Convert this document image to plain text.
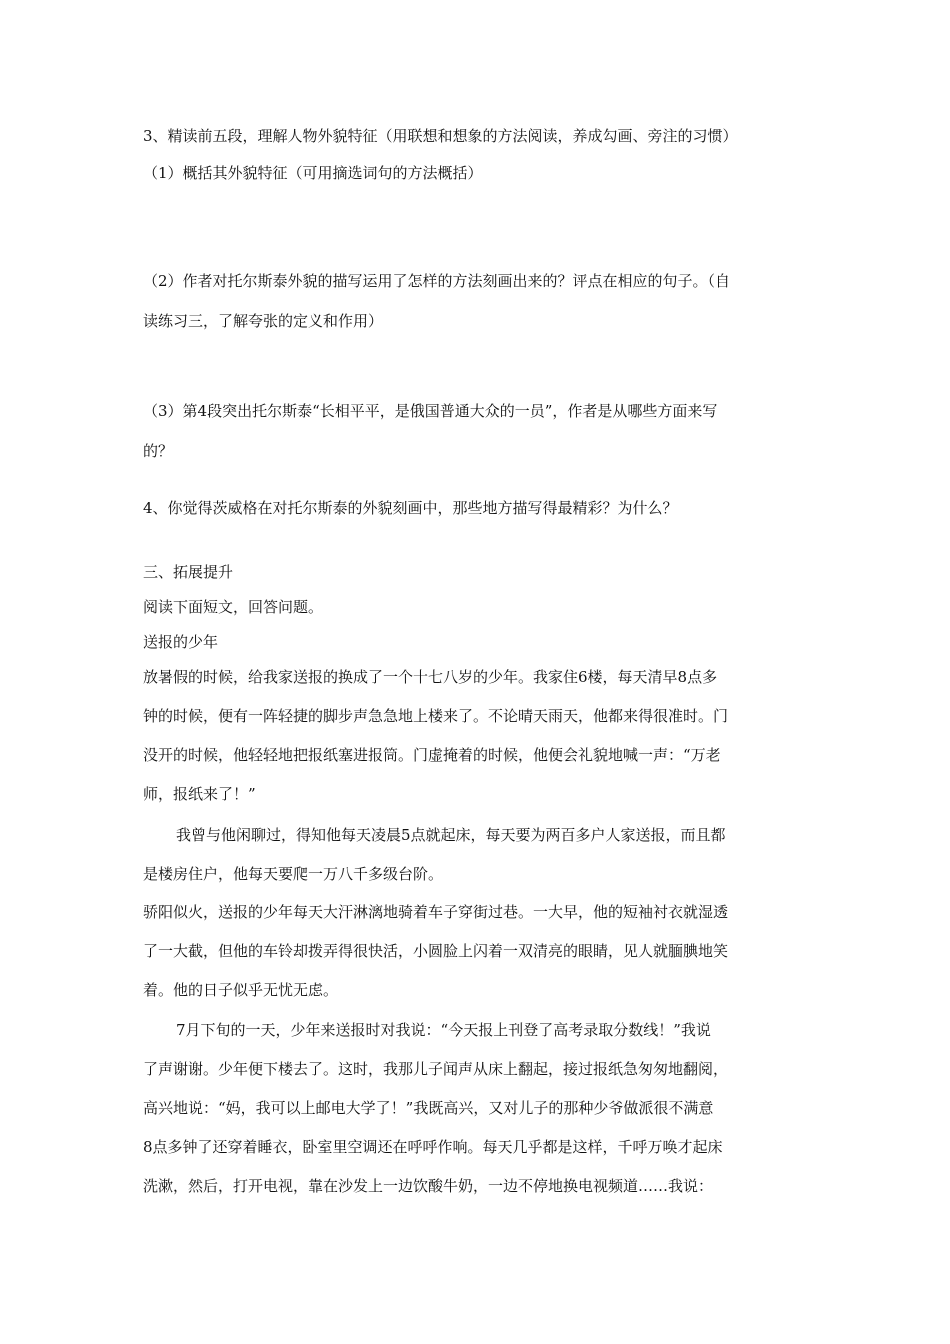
3、精读前五段，理解人物外貌特征（用联想和想象的方法阅读，养成勾画、旁注的习惯）
（1）概括其外貌特征（可用摘选词句的方法概括）
（2）作者对托尔斯泰外貌的描写运用了怎样的方法刻画出来的？评点在相应的句子。（自
读练习三，了解夸张的定义和作用）
（3）第4段突出托尔斯泰“长相平平，是俄国普通大众的一员”，作者是从哪些方面来写
的？
4、你觉得茨威格在对托尔斯泰的外貌刻画中，那些地方描写得最精彩？为什么？
三、拓展提升
阅读下面短文，回答问题。
送报的少年
放暑假的时候，给我家送报的换成了一个十七八岁的少年。我家住6楼，每天清早8点多
钟的时候，便有一阵轻捷的脚步声急急地上楼来了。不论晴天雨天，他都来得很准时。门
没开的时候，他轻轻地把报纸塞进报筒。门虚掩着的时候，他便会礼貌地喊一声：“万老
师，报纸来了！”
我曾与他闲聊过，得知他每天凌晨5点就起床，每天要为两百多户人家送报，而且都
是楼房住户，他每天要爬一万八千多级台阶。
骄阳似火，送报的少年每天大汗淋漓地骑着车子穿街过巷。一大早，他的短袖衬衣就湿透
了一大截，但他的车铃却拨弄得很快活，小圆脸上闪着一双清亮的眼睛，见人就腼腆地笑
着。他的日子似乎无忧无虑。
7月下旬的一天，少年来送报时对我说：“今天报上刊登了高考录取分数线！”我说
了声谢谢。少年便下楼去了。这时，我那儿子闻声从床上翻起，接过报纸急匆匆地翻阅，
高兴地说：“妈，我可以上邮电大学了！”我既高兴，又对儿子的那种少爷做派很不满意
8点多钟了还穿着睡衣，卧室里空调还在呼呼作响。每天几乎都是这样，千呼万唤才起床
洗漱，然后，打开电视，靠在沙发上一边饮酸牛奶，一边不停地换电视频道……我说：
